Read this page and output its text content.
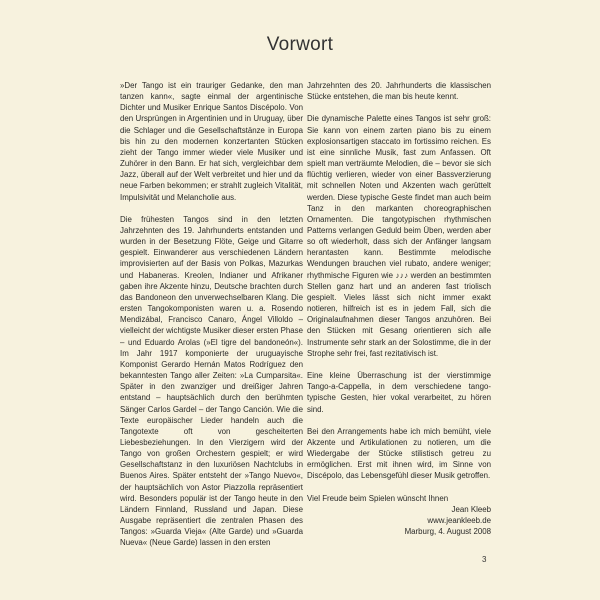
Vorwort

»Der Tango ist ein trauriger Gedanke, den man tanzen kann«, sagte einmal der argentinische Dichter und Musiker Enrique Santos Discépolo. Von den Ursprüngen in Argentinien und in Uruguay, über die Schlager und die Gesellschaftstänze in Europa bis hin zu den modernen konzertanten Stücken zieht der Tango immer wieder viele Musiker und Zuhörer in den Bann. Er hat sich, vergleichbar dem Jazz, überall auf der Welt verbreitet und hier und da neue Farben bekommen; er strahlt zugleich Vitalität, Impulsivität und Melancholie aus.

Die frühesten Tangos sind in den letzten Jahrzehnten des 19. Jahrhunderts entstanden und wurden in der Besetzung Flöte, Geige und Gitarre gespielt. Einwanderer aus verschiedenen Ländern improvisierten auf der Basis von Polkas, Mazurkas und Habaneras. Kreolen, Indianer und Afrikaner gaben ihre Akzente hinzu, Deutsche brachten durch das Bandoneon den unverwechselbaren Klang. Die ersten Tangokomponisten waren u. a. Rosendo Mendizábal, Francisco Canaro, Ángel Villoldo – vielleicht der wichtigste Musiker dieser ersten Phase – und Eduardo Arolas (»El tigre del bandoneón«). Im Jahr 1917 komponierte der uruguayische Komponist Gerardo Hernán Matos Rodríguez den bekanntesten Tango aller Zeiten: »La Cumparsita«. Später in den zwanziger und dreißiger Jahren entstand – hauptsächlich durch den berühmten Sänger Carlos Gardel – der Tango Canción. Wie die Texte europäischer Lieder handeln auch die Tangotexte oft von gescheiterten Liebesbeziehungen. In den Vierzigern wird der Tango von großen Orchestern gespielt; er wird Gesellschaftstanz in den luxuriösen Nachtclubs in Buenos Aires. Später entsteht der »Tango Nuevo«, der hauptsächlich von Astor Piazzolla repräsentiert wird. Besonders populär ist der Tango heute in den Ländern Finnland, Russland und Japan. Diese Ausgabe repräsentiert die zentralen Phasen des Tangos: »Guarda Vieja« (Alte Garde) und »Guarda Nueva« (Neue Garde) lassen in den ersten

Jahrzehnten des 20. Jahrhunderts die klassischen Stücke entstehen, die man bis heute kennt.

Die dynamische Palette eines Tangos ist sehr groß: Sie kann von einem zarten piano bis zu einem explosionsartigen staccato im fortissimo reichen. Es ist eine sinnliche Musik, fast zum Anfassen. Oft spielt man verträumte Melodien, die – bevor sie sich flüchtig verlieren, wieder von einer Bassverzierung mit schnellen Noten und Akzenten wach gerüttelt werden. Diese typische Geste findet man auch beim Tanz in den markanten choreographischen Ornamenten. Die tangotypischen rhythmischen Patterns verlangen Geduld beim Üben, werden aber so oft wiederholt, dass sich der Anfänger langsam herantasten kann. Bestimmte melodische Wendungen brauchen viel rubato, andere weniger; rhythmische Figuren wie ♪♪♪ werden an bestimmten Stellen ganz hart und an anderen fast triolisch gespielt. Vieles lässt sich nicht immer exakt notieren, hilfreich ist es in jedem Fall, sich die Originalaufnahmen dieser Tangos anzuhören. Bei den Stücken mit Gesang orientieren sich alle Instrumente sehr stark an der Solostimme, die in der Strophe sehr frei, fast rezitativisch ist.

Eine kleine Überraschung ist der vierstimmige Tango-a-Cappella, in dem verschiedene tango-typische Gesten, hier vokal verarbeitet, zu hören sind.

Bei den Arrangements habe ich mich bemüht, viele Akzente und Artikulationen zu notieren, um die Wiedergabe der Stücke stilistisch getreu zu ermöglichen. Erst mit ihnen wird, im Sinne von Discépolo, das Lebensgefühl dieser Musik getroffen.

Viel Freude beim Spielen wünscht Ihnen

Jean Kleeb
www.jeankleeb.de
Marburg, 4. August 2008
3
